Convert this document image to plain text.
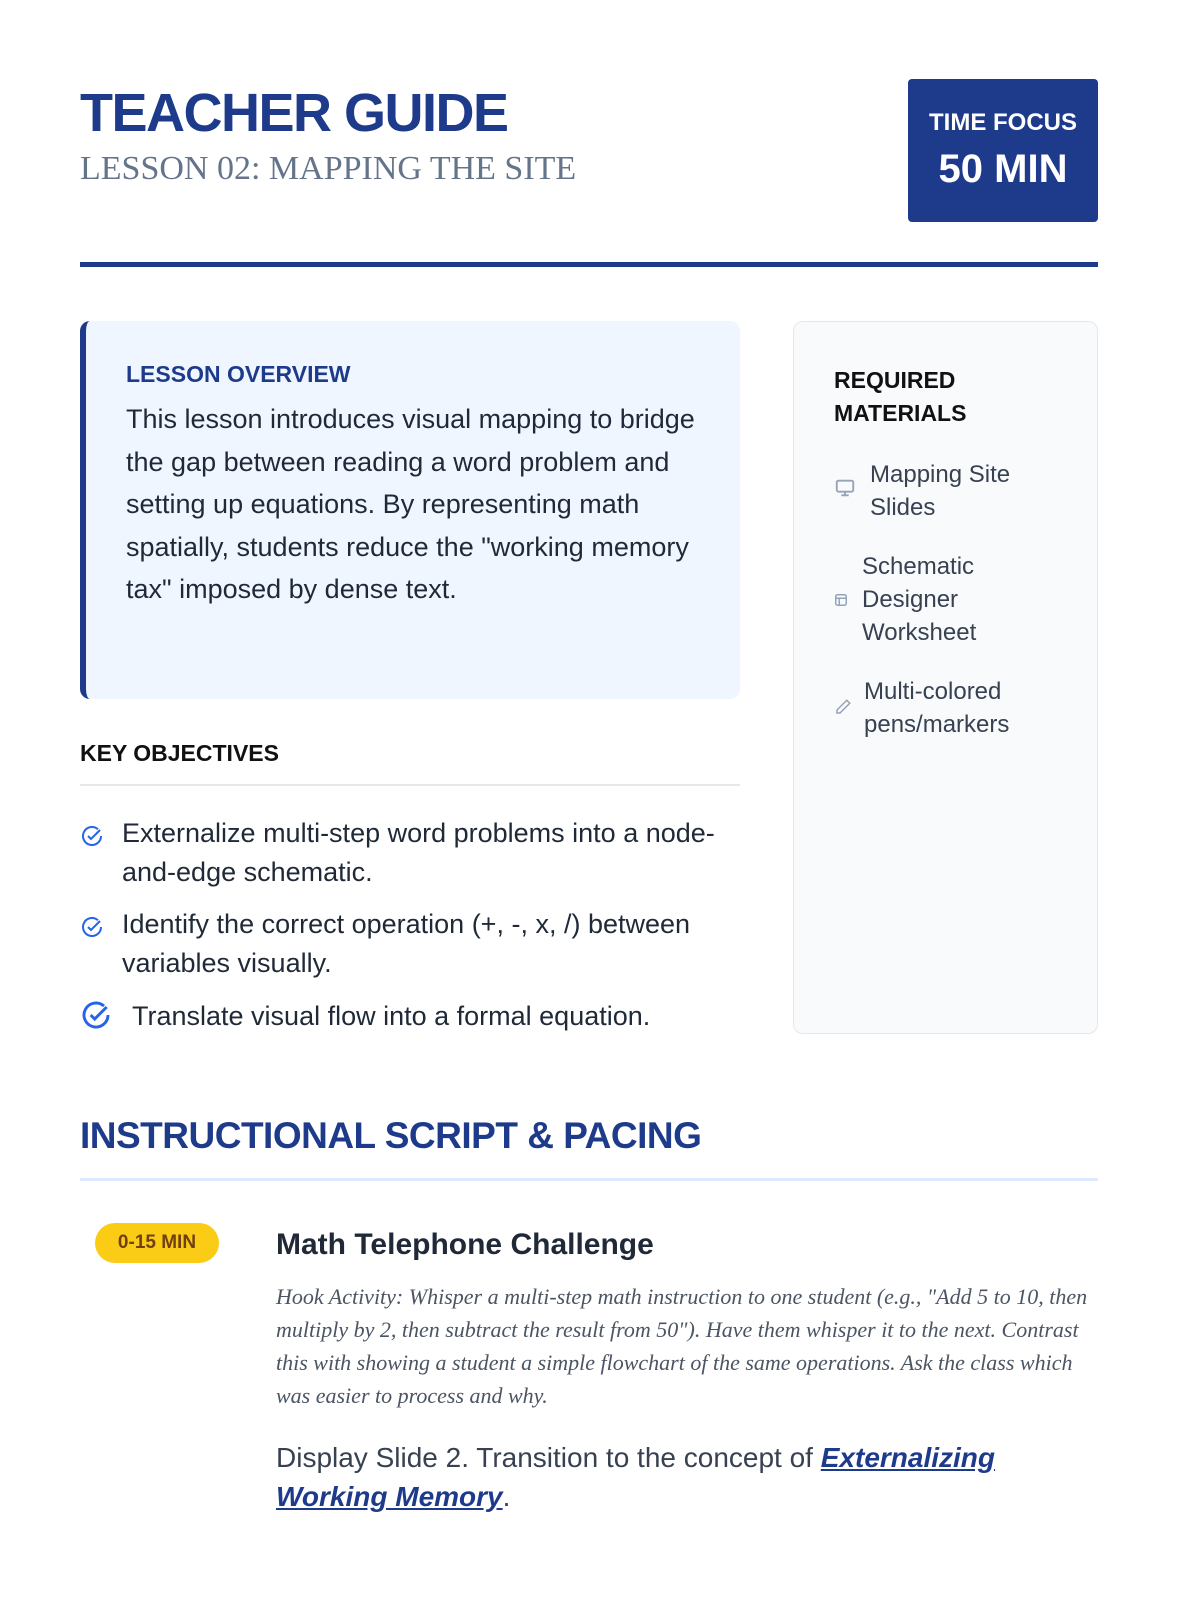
TEACHER GUIDE
LESSON 02: MAPPING THE SITE
TIME FOCUS
50 MIN
LESSON OVERVIEW

This lesson introduces visual mapping to bridge the gap between reading a word problem and setting up equations. By representing math spatially, students reduce the "working memory tax" imposed by dense text.

KEY OBJECTIVES
Externalize multi-step word problems into a node-and-edge schematic.
Identify the correct operation (+, -, x, /) between variables visually.
Translate visual flow into a formal equation.
REQUIRED MATERIALS
Mapping Site Slides
Schematic Designer Worksheet
Multi-colored pens/markers
INSTRUCTIONAL SCRIPT & PACING
0-15 MIN	Math Telephone Challenge
Hook Activity: Whisper a multi-step math instruction to one student (e.g., "Add 5 to 10, then multiply by 2, then subtract the result from 50"). Have them whisper it to the next. Contrast this with showing a student a simple flowchart of the same operations. Ask the class which was easier to process and why.
Display Slide 2. Transition to the concept of Externalizing Working Memory.
